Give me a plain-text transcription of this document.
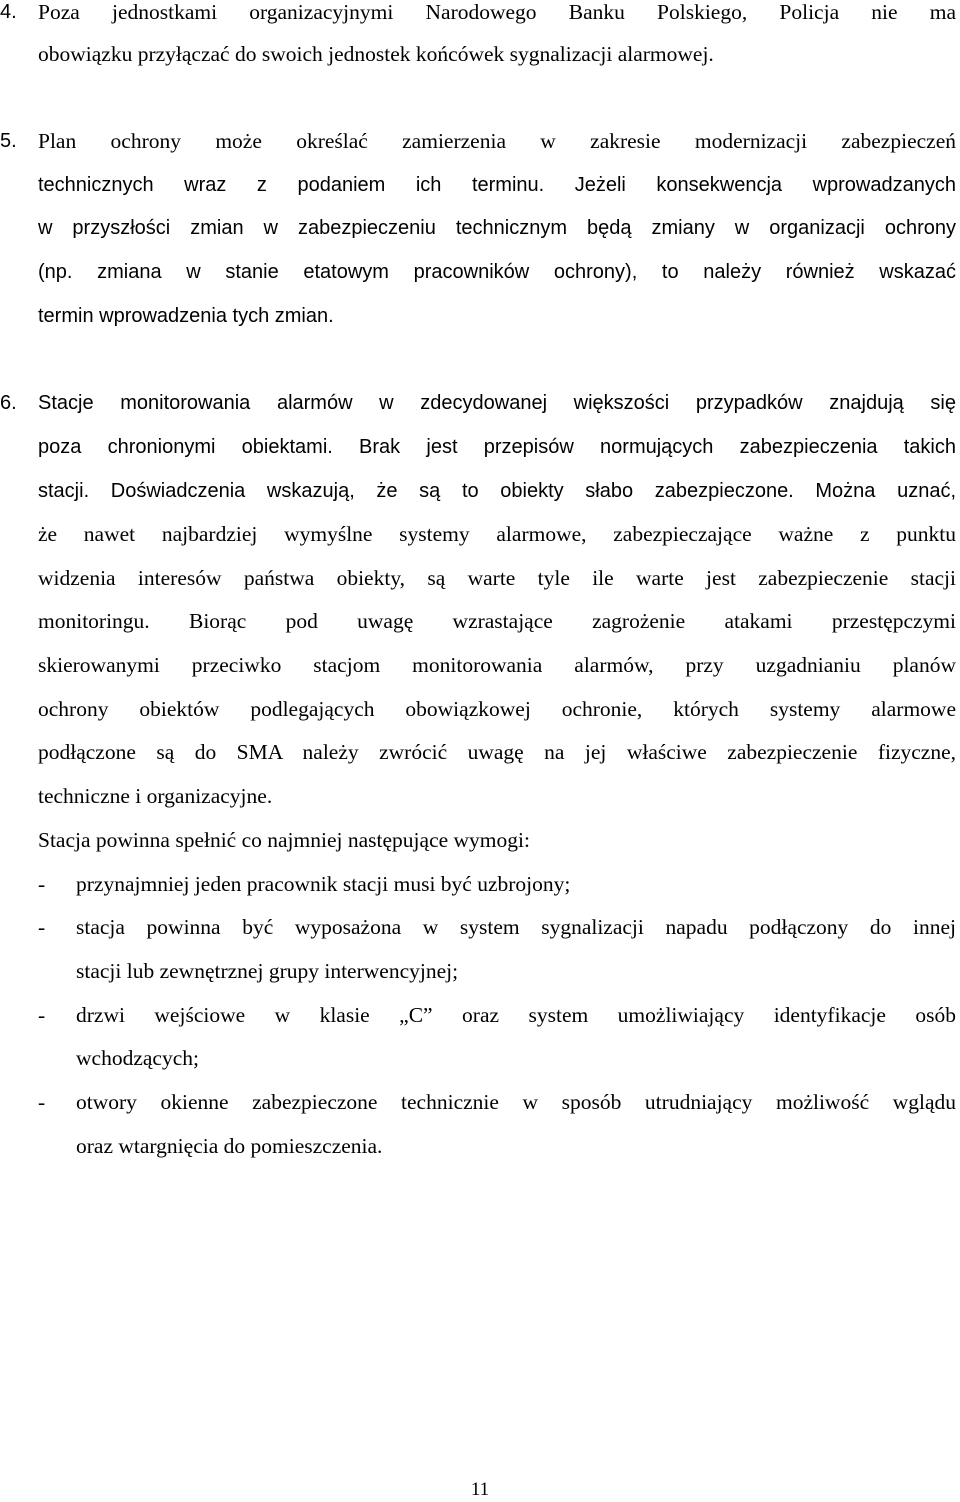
4. Poza jednostkami organizacyjnymi Narodowego Banku Polskiego, Policja nie ma
obowiązku przyłączać do swoich jednostek końcówek sygnalizacji alarmowej.
5. Plan ochrony może określać zamierzenia w zakresie modernizacji zabezpieczeń
technicznych wraz z podaniem ich terminu. Jeżeli konsekwencja wprowadzanych
w przyszłości zmian w zabezpieczeniu technicznym będą zmiany w organizacji ochrony
(np. zmiana w stanie etatowym pracowników ochrony), to należy również wskazać
termin wprowadzenia tych zmian.
6. Stacje monitorowania alarmów w zdecydowanej większości przypadków znajdują się
poza chronionymi obiektami. Brak jest przepisów normujących zabezpieczenia takich
stacji. Doświadczenia wskazują, że są to obiekty słabo zabezpieczone. Można uznać,
że nawet najbardziej wymyślne systemy alarmowe, zabezpieczające ważne z punktu
widzenia interesów państwa obiekty, są warte tyle ile warte jest zabezpieczenie stacji
monitoringu. Biorąc pod uwagę wzrastające zagrożenie atakami przestępczymi
skierowanymi przeciwko stacjom monitorowania alarmów, przy uzgadnianiu planów
ochrony obiektów podlegających obowiązkowej ochronie, których systemy alarmowe
podłączone są do SMA należy zwrócić uwagę na jej właściwe zabezpieczenie fizyczne,
techniczne i organizacyjne.
Stacja powinna spełnić co najmniej następujące wymogi:
- przynajmniej jeden pracownik stacji musi być uzbrojony;
- stacja powinna być wyposażona w system sygnalizacji napadu podłączony do innej
stacji lub zewnętrznej grupy interwencyjnej;
- drzwi wejściowe w klasie „C” oraz system umożliwiający identyfikacje osób
wchodzących;
- otwory okienne zabezpieczone technicznie w sposób utrudniający możliwość wglądu
oraz wtargnięcia do pomieszczenia.
11
